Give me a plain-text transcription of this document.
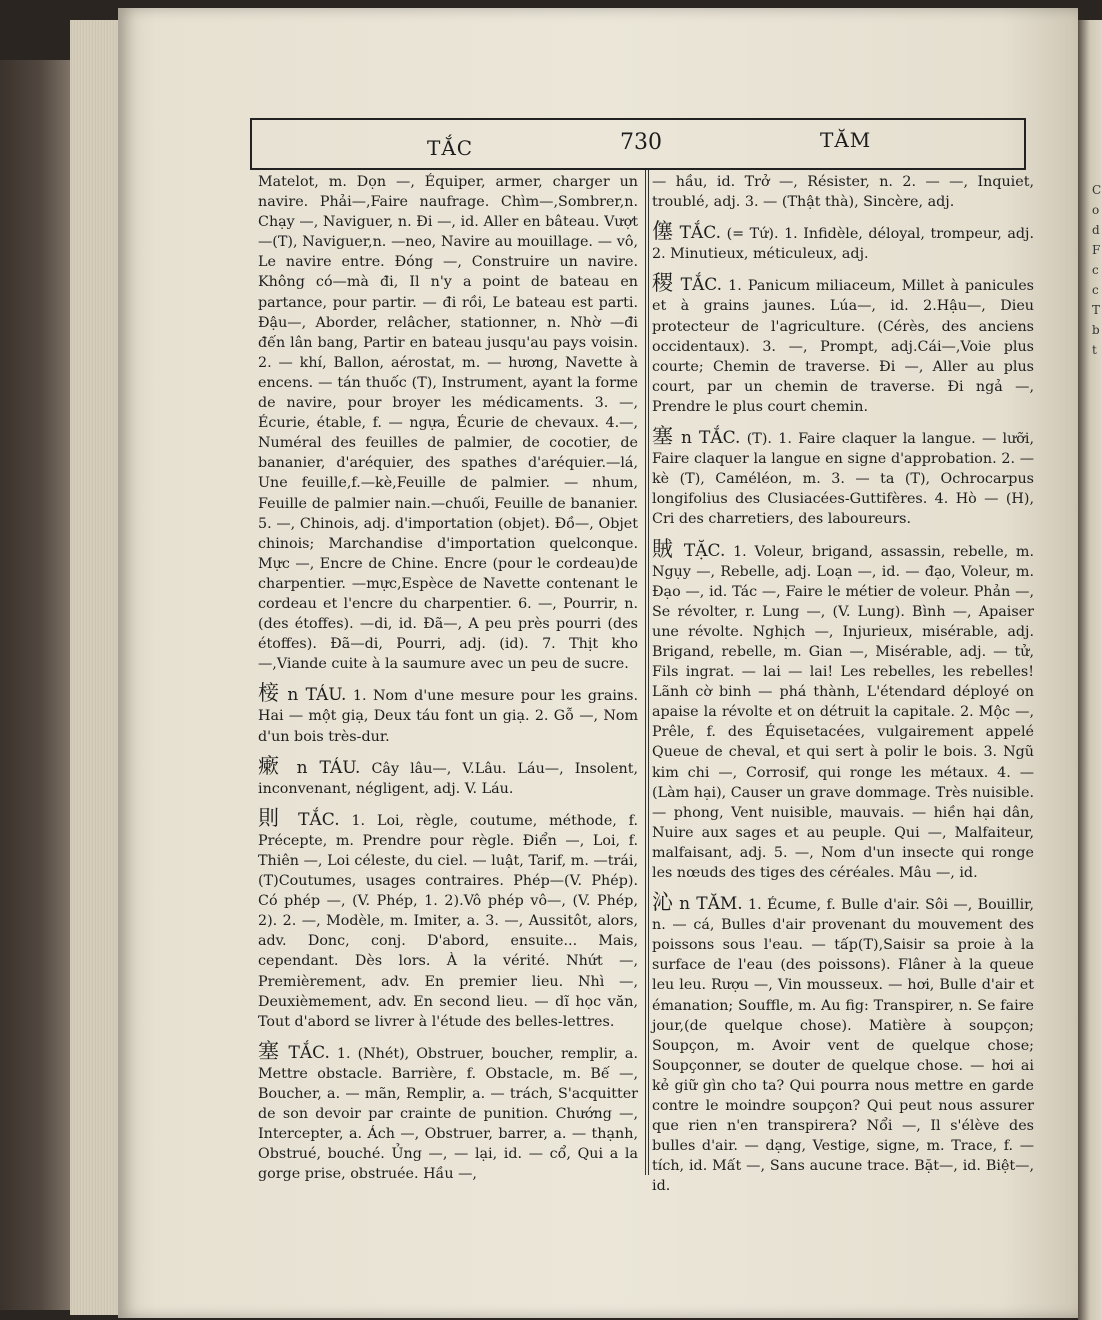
Co d F c c T b t
TẮC	730	TĂM

Matelot, m. Dọn —, Équiper, armer, charger un navire. Phải—,Faire naufrage. Chìm—,Sombrer,n. Chạy —, Naviguer, n. Đi —, id. Aller en bâteau. Vượt—(T), Naviguer,n. —neo, Navire au mouillage. — vô, Le navire entre. Đóng —, Construire un navire. Không có—mà đi, Il n'y a point de bateau en partance, pour partir. — đi rồi, Le bateau est parti. Đậu—, Aborder, relâcher, stationner, n. Nhờ —đi đến lân bang, Partir en bateau jusqu'au pays voisin. 2. — khí, Ballon, aérostat, m. — hương, Navette à encens. — tán thuốc (T), Instrument, ayant la forme de navire, pour broyer les médicaments. 3. —, Écurie, étable, f. — ngựa, Écurie de chevaux. 4.—, Numéral des feuilles de palmier, de cocotier, de bananier, d'aréquier, des spathes d'aréquier.—lá, Une feuille,f.—kè,Feuille de palmier. — nhum, Feuille de palmier nain.—chuối, Feuille de bananier. 5. —, Chinois, adj. d'importation (objet). Đồ—, Objet chinois; Marchandise d'importation quelconque. Mực —, Encre de Chine. Encre (pour le cordeau)de charpentier. —mực,Espèce de Navette contenant le cordeau et l'encre du charpentier. 6. —, Pourrir, n. (des étoffes). —di, id. Đã—, A peu près pourri (des étoffes). Đã—di, Pourri, adj. (id). 7. Thịt kho—,Viande cuite à la saumure avec un peu de sucre.

椄 n TÁU. 1. Nom d'une mesure pour les grains. Hai — một giạ, Deux táu font un giạ. 2. Gỗ —, Nom d'un bois très-dur.

瘶 n TÁU. Cây lâu—, V.Lâu. Láu—, Insolent, inconvenant, négligent, adj. V. Láu.

則 TẮC. 1. Loi, règle, coutume, méthode, f. Précepte, m. Prendre pour règle. Điển —, Loi, f. Thiên —, Loi céleste, du ciel. — luật, Tarif, m. —trái,(T)Coutumes, usages contraires. Phép—(V. Phép). Có phép —, (V. Phép, 1. 2).Vô phép vô—, (V. Phép, 2). 2. —, Modèle, m. Imiter, a. 3. —, Aussitôt, alors, adv. Donc, conj. D'abord, ensuite... Mais, cependant. Dès lors. À la vérité. Nhứt —, Premièrement, adv. En premier lieu. Nhì —, Deuxièmement, adv. En second lieu. — dĩ học văn, Tout d'abord se livrer à l'étude des belles-lettres.

塞 TẮC. 1. (Nhét), Obstruer, boucher, remplir, a. Mettre obstacle. Barrière, f. Obstacle, m. Bế —, Boucher, a. — mãn, Remplir, a. — trách, S'acquitter de son devoir par crainte de punition. Chướng —, Intercepter, a. Ách —, Obstruer, barrer, a. — thạnh, Obstrué, bouché. Ủng —, — lại, id. — cổ, Qui a la gorge prise, obstruée. Hầu —,

— hầu, id. Trở —, Résister, n. 2. — —, Inquiet, troublé, adj. 3. — (Thật thà), Sincère, adj.

僿 TẮC. (= Tứ). 1. Infidèle, déloyal, trompeur, adj. 2. Minutieux, méticuleux, adj.

稷 TẮC. 1. Panicum miliaceum, Millet à panicules et à grains jaunes. Lúa—, id. 2.Hậu—, Dieu protecteur de l'agriculture. (Cérès, des anciens occidentaux). 3. —, Prompt, adj.Cái—,Voie plus courte; Chemin de traverse. Đi —, Aller au plus court, par un chemin de traverse. Đi ngả —, Prendre le plus court chemin.

塞 n TẮC. (T). 1. Faire claquer la langue. — lưỡi, Faire claquer la langue en signe d'approbation. 2. — kè (T), Caméléon, m. 3. — ta (T), Ochrocarpus longifolius des Clusiacées-Guttifères. 4. Hò — (H), Cri des charretiers, des laboureurs.

賊 TẶC. 1. Voleur, brigand, assassin, rebelle, m. Ngụy —, Rebelle, adj. Loạn —, id. — đạo, Voleur, m. Đạo —, id. Tác —, Faire le métier de voleur. Phản —, Se révolter, r. Lung —, (V. Lung). Bình —, Apaiser une révolte. Nghịch —, Injurieux, misérable, adj. Brigand, rebelle, m. Gian —, Misérable, adj. — tử, Fils ingrat. — lai — lai! Les rebelles, les rebelles! Lãnh cờ binh — phá thành, L'étendard déployé on apaise la révolte et on détruit la capitale. 2. Mộc —, Prêle, f. des Équisetacées, vulgairement appelé Queue de cheval, et qui sert à polir le bois. 3. Ngũ kim chi —, Corrosif, qui ronge les métaux. 4. — (Làm hại), Causer un grave dommage. Très nuisible. — phong, Vent nuisible, mauvais. — hiền hại dân, Nuire aux sages et au peuple. Qui —, Malfaiteur, malfaisant, adj. 5. —, Nom d'un insecte qui ronge les nœuds des tiges des céréales. Mâu —, id.

沁 n TĂM. 1. Écume, f. Bulle d'air. Sôi —, Bouillir, n. — cá, Bulles d'air provenant du mouvement des poissons sous l'eau. — tấp(T),Saisir sa proie à la surface de l'eau (des poissons). Flâner à la queue leu leu. Rượu —, Vin mousseux. — hơi, Bulle d'air et émanation; Souffle, m. Au fig: Transpirer, n. Se faire jour,(de quelque chose). Matière à soupçon; Soupçon, m. Avoir vent de quelque chose; Soupçonner, se douter de quelque chose. — hơi ai kẻ giữ gìn cho ta? Qui pourra nous mettre en garde contre le moindre soupçon? Qui peut nous assurer que rien n'en transpirera? Nổi —, Il s'élève des bulles d'air. — dạng, Vestige, signe, m. Trace, f. — tích, id. Mất —, Sans aucune trace. Bặt—, id. Biệt—, id.
